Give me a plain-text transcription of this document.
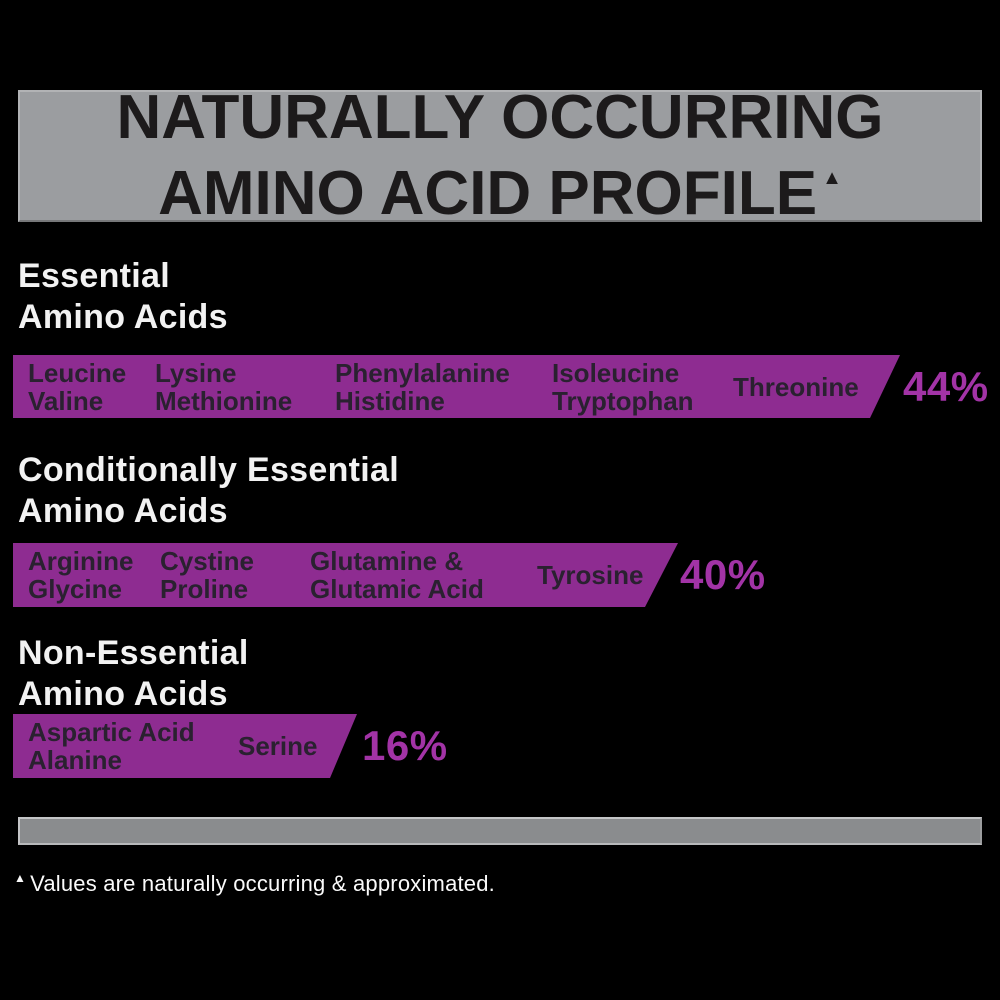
NATURALLY OCCURRING
AMINO ACID PROFILE ▲
Essential
Amino Acids
Leucine
Valine
Lysine
Methionine
Phenylalanine
Histidine
Isoleucine
Tryptophan Threonine 44%
Conditionally Essential
Amino Acids
Arginine
Glycine
Cystine
Proline
Glutamine &
Glutamic Acid Tyrosine 40%
Non-Essential
Amino Acids
Aspartic Acid
Alanine	Serine 16%
▲ Values are naturally occurring & approximated.
